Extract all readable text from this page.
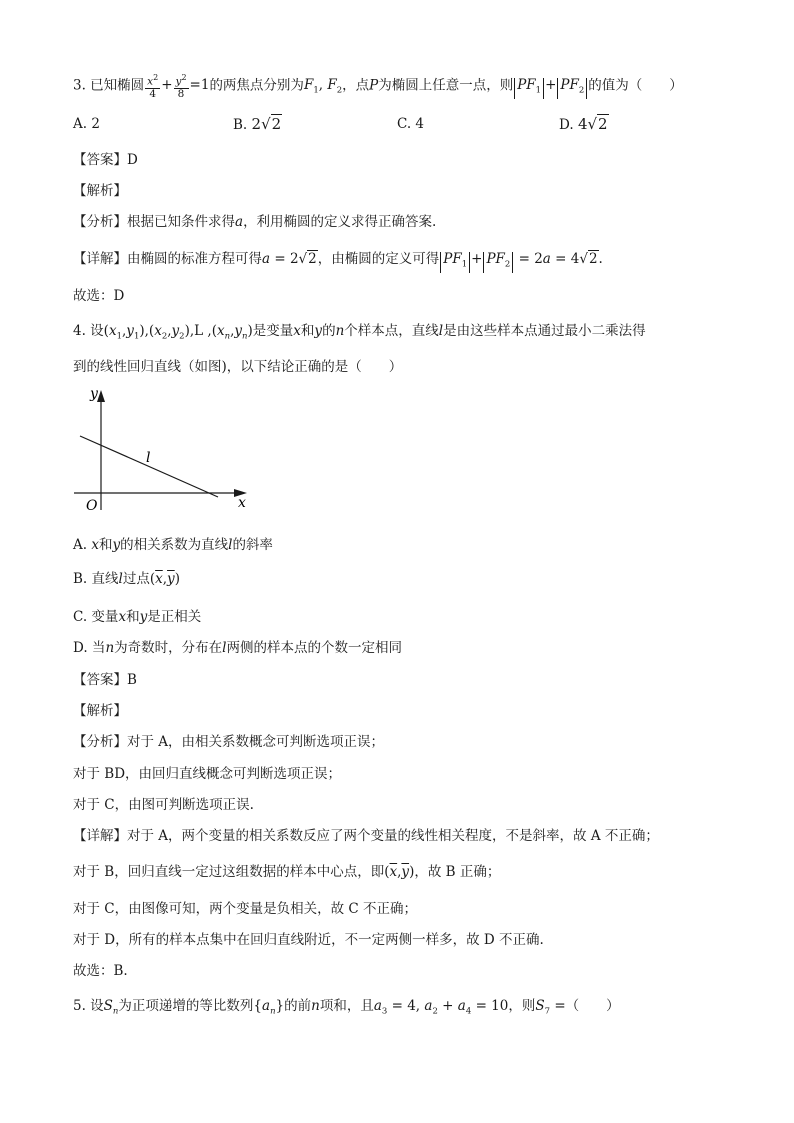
3. 已知椭圆 $\frac{x^2}{4} + \frac{y^2}{8} =1$的两焦点分别为$F_1$, $F_2$，点P为椭圆上任意一点，则 $PF_1 + PF_2$ 的值为（　　）
A. 2	B. 2√2	C. 4	D. 4√2
【答案】D
【解析】
【分析】根据已知条件求得a，利用椭圆的定义求得正确答案.
【详解】由椭圆的标准方程可得a = 2√2，由椭圆的定义可得 $PF_1 + PF_2 = 2a = 4√2$.
故选：D
4. 设$(x_1,y_1),(x_2,y_2),L$ $,(x_n,y_n)$是变量x和y的n个样本点，直线l是由这些样本点通过最小二乘法得
到的线性回归直线（如图)，以下结论正确的是（　　）
y
x
O
l
A. x和y的相关系数为直线l的斜率
B. 直线l过点$(\overline{x},\overline{y})$
C. 变量x和y是正相关
D. 当n为奇数时，分布在l两侧的样本点的个数一定相同
【答案】B
【解析】
【分析】对于 A，由相关系数概念可判断选项正误；
对于 BD，由回归直线概念可判断选项正误；
对于 C，由图可判断选项正误.
【详解】对于 A，两个变量的相关系数反应了两个变量的线性相关程度，不是斜率，故 A 不正确；
对于 B，回归直线一定过这组数据的样本中心点，即$(\overline{x},\overline{y})$，故 B 正确；
对于 C，由图像可知，两个变量是负相关，故 C 不正确；
对于 D，所有的样本点集中在回归直线附近，不一定两侧一样多，故 D 不正确.
故选：B.
5. 设$S_n$为正项递增的等比数列$\{a_n\}$的前n项和，且$a_3 = 4$, $a_2 + a_4 = 10$，则$S_7$ =（　　）
